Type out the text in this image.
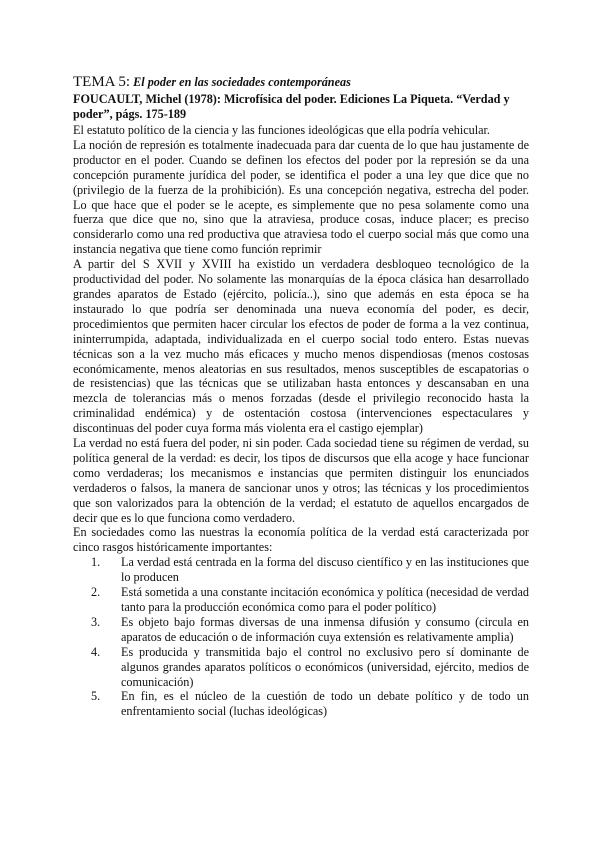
TEMA 5: El poder en las sociedades contemporáneas

FOUCAULT, Michel (1978): Microfísica del poder. Ediciones La Piqueta. “Verdad y poder”, págs. 175-189

El estatuto político de la ciencia y las funciones ideológicas que ella podría vehicular.

La noción de represión es totalmente inadecuada para dar cuenta de lo que hau justamente de productor en el poder. Cuando se definen los efectos del poder por la represión se da una concepción puramente jurídica del poder, se identifica el poder a una ley que dice que no (privilegio de la fuerza de la prohibición). Es una concepción negativa, estrecha del poder. Lo que hace que el poder se le acepte, es simplemente que no pesa solamente como una fuerza que dice que no, sino que la atraviesa, produce cosas, induce placer; es preciso considerarlo como una red productiva que atraviesa todo el cuerpo social más que como una instancia negativa que tiene como función reprimir

A partir del S XVII y XVIII ha existido un verdadera desbloqueo tecnológico de la productividad del poder. No solamente las monarquías de la época clásica han desarrollado grandes aparatos de Estado (ejército, policía..), sino que además en esta época se ha instaurado lo que podría ser denominada una nueva economía del poder, es decir, procedimientos que permiten hacer circular los efectos de poder de forma a la vez continua, ininterrumpida, adaptada, individualizada en el cuerpo social todo entero. Estas nuevas técnicas son a la vez mucho más eficaces y mucho menos dispendiosas (menos costosas económicamente, menos aleatorias en sus resultados, menos susceptibles de escapatorias o de resistencias) que las técnicas que se utilizaban hasta entonces y descansaban en una mezcla de tolerancias más o menos forzadas (desde el privilegio reconocido hasta la criminalidad endémica) y de ostentación costosa (intervenciones espectaculares y discontinuas del poder cuya forma más violenta era el castigo ejemplar)

La verdad no está fuera del poder, ni sin poder. Cada sociedad tiene su régimen de verdad, su política general de la verdad: es decir, los tipos de discursos que ella acoge y hace funcionar como verdaderas; los mecanismos e instancias que permiten distinguir los enunciados verdaderos o falsos, la manera de sancionar unos y otros; las técnicas y los procedimientos que son valorizados para la obtención de la verdad; el estatuto de aquellos encargados de decir que es lo que funciona como verdadero.

En sociedades como las nuestras la economía política de la verdad está caracterizada por cinco rasgos históricamente importantes:

1.	La verdad está centrada en la forma del discuso científico y en las instituciones que lo producen
2.	Está sometida a una constante incitación económica y política (necesidad de verdad tanto para la producción económica como para el poder político)
3.	Es objeto bajo formas diversas de una inmensa difusión y consumo (circula en aparatos de educación o de información cuya extensión es relativamente amplia)
4.	Es producida y transmitida bajo el control no exclusivo pero sí dominante de algunos grandes aparatos políticos o económicos (universidad, ejército, medios de comunicación)
5.	En fin, es el núcleo de la cuestión de todo un debate político y de todo un enfrentamiento social (luchas ideológicas)
